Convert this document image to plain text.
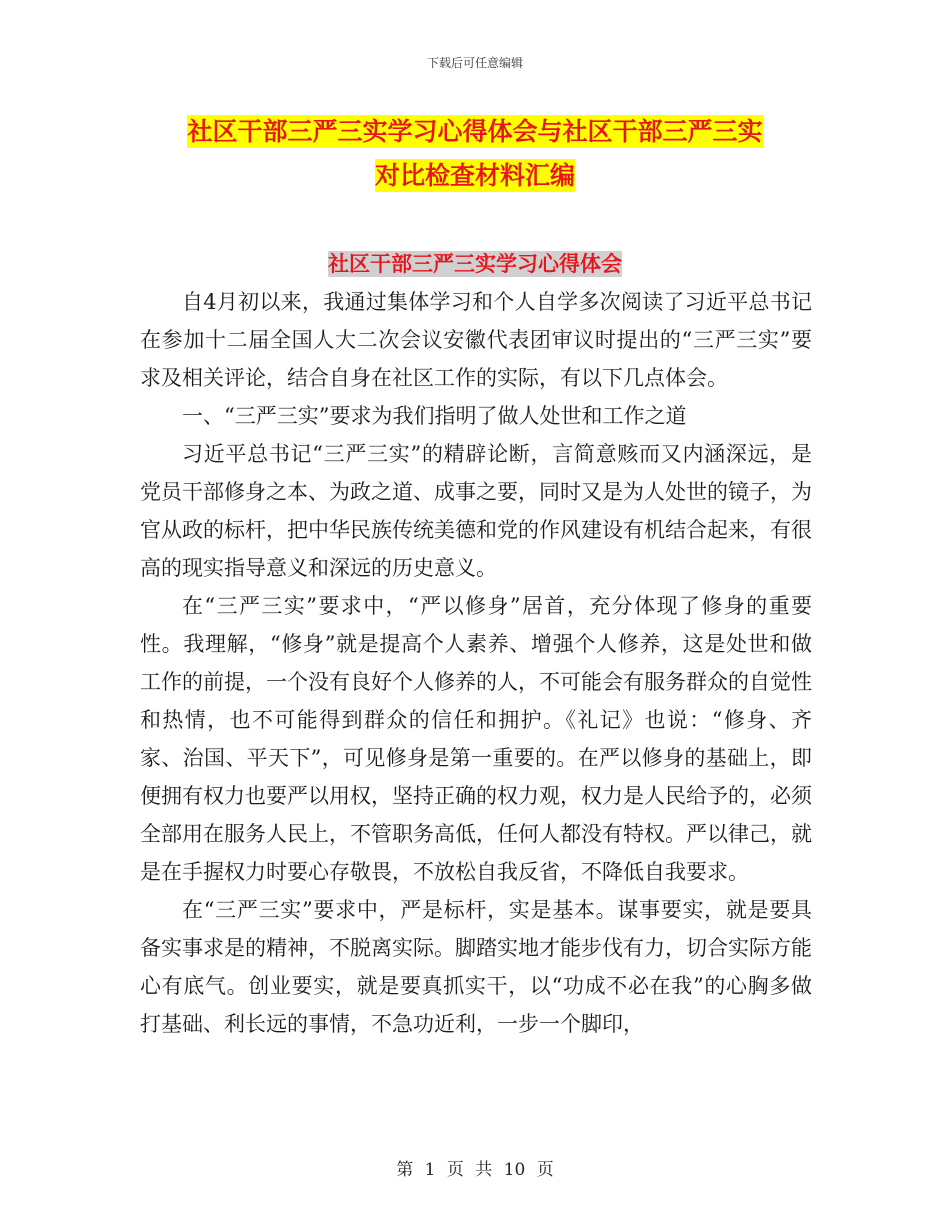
下载后可任意编辑
社区干部三严三实学习心得体会与社区干部三严三实
对比检查材料汇编
社区干部三严三实学习心得体会

自4月初以来，我通过集体学习和个人自学多次阅读了习近平总书记在参加十二届全国人大二次会议安徽代表团审议时提出的“三严三实”要求及相关评论，结合自身在社区工作的实际，有以下几点体会。

一、“三严三实”要求为我们指明了做人处世和工作之道

习近平总书记“三严三实”的精辟论断，言简意赅而又内涵深远，是党员干部修身之本、为政之道、成事之要，同时又是为人处世的镜子，为官从政的标杆，把中华民族传统美德和党的作风建设有机结合起来，有很高的现实指导意义和深远的历史意义。

在“三严三实”要求中，“严以修身”居首，充分体现了修身的重要性。我理解，“修身”就是提高个人素养、增强个人修养，这是处世和做工作的前提，一个没有良好个人修养的人，不可能会有服务群众的自觉性和热情，也不可能得到群众的信任和拥护。《礼记》也说：“修身、齐家、治国、平天下”，可见修身是第一重要的。在严以修身的基础上，即便拥有权力也要严以用权，坚持正确的权力观，权力是人民给予的，必须全部用在服务人民上，不管职务高低，任何人都没有特权。严以律己，就是在手握权力时要心存敬畏，不放松自我反省，不降低自我要求。

在“三严三实”要求中，严是标杆，实是基本。谋事要实，就是要具备实事求是的精神，不脱离实际。脚踏实地才能步伐有力，切合实际方能心有底气。创业要实，就是要真抓实干，以“功成不必在我”的心胸多做打基础、利长远的事情，不急功近利，一步一个脚印，

第 1 页 共 10 页
